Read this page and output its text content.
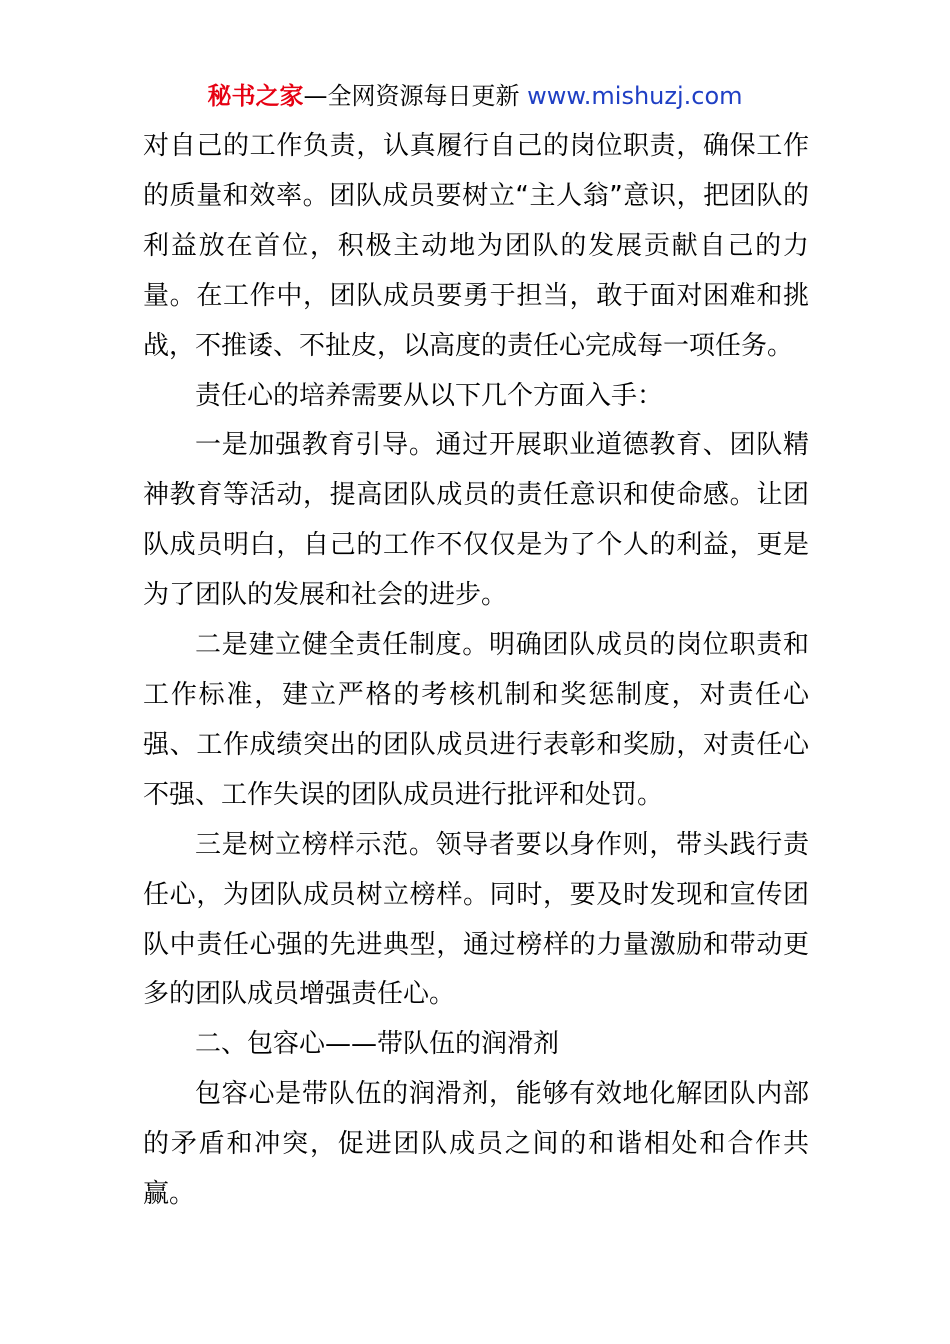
秘书之家—全网资源每日更新 www.mishuzj.com

对自己的工作负责，认真履行自己的岗位职责，确保工作的质量和效率。团队成员要树立“主人翁”意识，把团队的利益放在首位，积极主动地为团队的发展贡献自己的力量。在工作中，团队成员要勇于担当，敢于面对困难和挑战，不推诿、不扯皮，以高度的责任心完成每一项任务。

责任心的培养需要从以下几个方面入手：

一是加强教育引导。通过开展职业道德教育、团队精神教育等活动，提高团队成员的责任意识和使命感。让团队成员明白，自己的工作不仅仅是为了个人的利益，更是为了团队的发展和社会的进步。

二是建立健全责任制度。明确团队成员的岗位职责和工作标准，建立严格的考核机制和奖惩制度，对责任心强、工作成绩突出的团队成员进行表彰和奖励，对责任心不强、工作失误的团队成员进行批评和处罚。

三是树立榜样示范。领导者要以身作则，带头践行责任心，为团队成员树立榜样。同时，要及时发现和宣传团队中责任心强的先进典型，通过榜样的力量激励和带动更多的团队成员增强责任心。

二、包容心——带队伍的润滑剂

包容心是带队伍的润滑剂，能够有效地化解团队内部的矛盾和冲突，促进团队成员之间的和谐相处和合作共赢。
